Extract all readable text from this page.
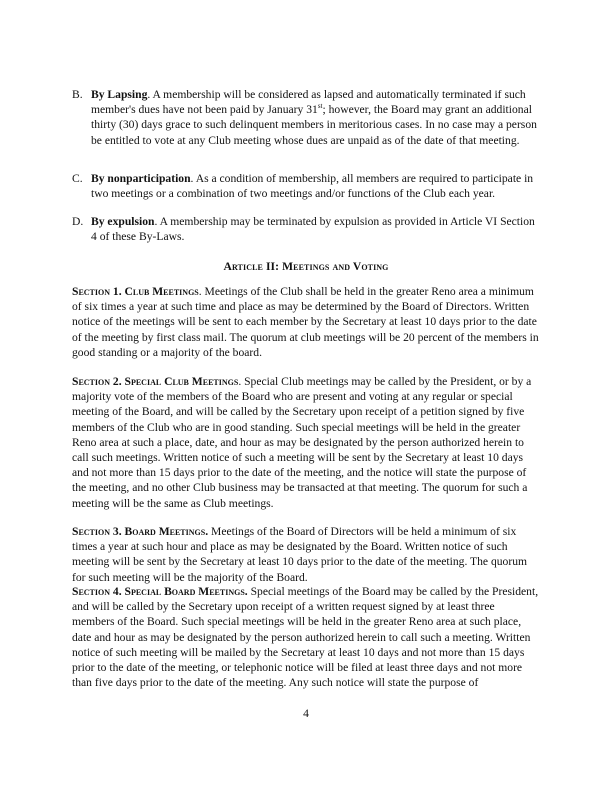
B. By Lapsing. A membership will be considered as lapsed and automatically terminated if such member's dues have not been paid by January 31st; however, the Board may grant an additional thirty (30) days grace to such delinquent members in meritorious cases. In no case may a person be entitled to vote at any Club meeting whose dues are unpaid as of the date of that meeting.
C. By nonparticipation. As a condition of membership, all members are required to participate in two meetings or a combination of two meetings and/or functions of the Club each year.
D. By expulsion. A membership may be terminated by expulsion as provided in Article VI Section 4 of these By-Laws.
Article II: Meetings and Voting
Section 1. Club Meetings. Meetings of the Club shall be held in the greater Reno area a minimum of six times a year at such time and place as may be determined by the Board of Directors. Written notice of the meetings will be sent to each member by the Secretary at least 10 days prior to the date of the meeting by first class mail. The quorum at club meetings will be 20 percent of the members in good standing or a majority of the board.
Section 2. Special Club Meetings. Special Club meetings may be called by the President, or by a majority vote of the members of the Board who are present and voting at any regular or special meeting of the Board, and will be called by the Secretary upon receipt of a petition signed by five members of the Club who are in good standing. Such special meetings will be held in the greater Reno area at such a place, date, and hour as may be designated by the person authorized herein to call such meetings. Written notice of such a meeting will be sent by the Secretary at least 10 days and not more than 15 days prior to the date of the meeting, and the notice will state the purpose of the meeting, and no other Club business may be transacted at that meeting. The quorum for such a meeting will be the same as Club meetings.
Section 3. Board Meetings. Meetings of the Board of Directors will be held a minimum of six times a year at such hour and place as may be designated by the Board. Written notice of such meeting will be sent by the Secretary at least 10 days prior to the date of the meeting. The quorum for such meeting will be the majority of the Board.
Section 4. Special Board Meetings. Special meetings of the Board may be called by the President, and will be called by the Secretary upon receipt of a written request signed by at least three members of the Board. Such special meetings will be held in the greater Reno area at such place, date and hour as may be designated by the person authorized herein to call such a meeting. Written notice of such meeting will be mailed by the Secretary at least 10 days and not more than 15 days prior to the date of the meeting, or telephonic notice will be filed at least three days and not more than five days prior to the date of the meeting. Any such notice will state the purpose of
4
